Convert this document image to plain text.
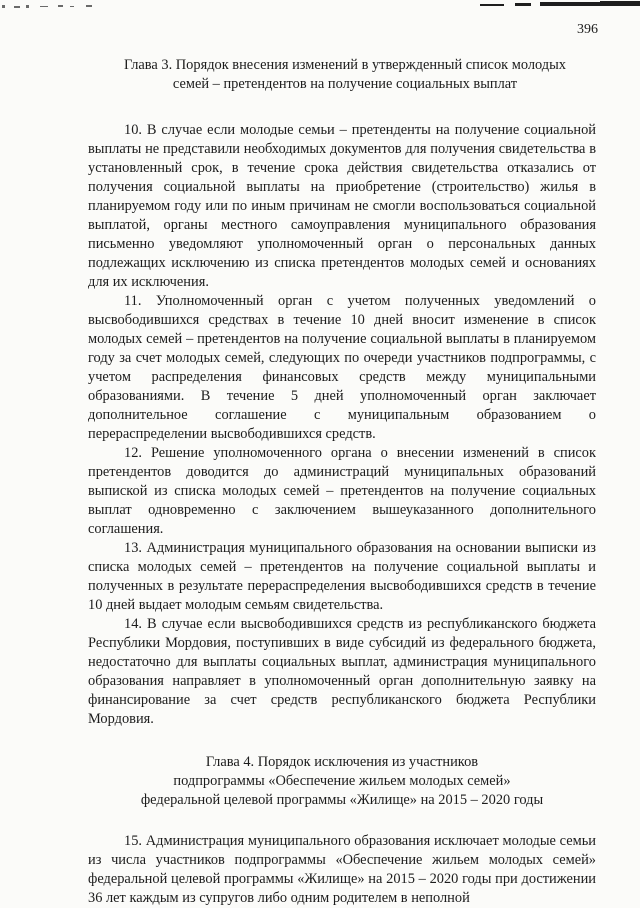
396
Глава 3. Порядок внесения изменений в утвержденный список молодых
семей – претендентов на получение социальных выплат

10. В случае если молодые семьи – претенденты на получение социальной выплаты не представили необходимых документов для получения свидетельства в установленный срок, в течение срока действия свидетельства отказались от получения социальной выплаты на приобретение (строительство) жилья в планируемом году или по иным причинам не смогли воспользоваться социальной выплатой, органы местного самоуправления муниципального образования письменно уведомляют уполномоченный орган о персональных данных подлежащих исключению из списка претендентов молодых семей и основаниях для их исключения.

11. Уполномоченный орган с учетом полученных уведомлений о высвободившихся средствах в течение 10 дней вносит изменение в список молодых семей – претендентов на получение социальной выплаты в планируемом году за счет молодых семей, следующих по очереди участников подпрограммы, с учетом распределения финансовых средств между муниципальными образованиями. В течение 5 дней уполномоченный орган заключает дополнительное соглашение с муниципальным образованием о перераспределении высвободившихся средств.

12. Решение уполномоченного органа о внесении изменений в список претендентов доводится до администраций муниципальных образований выпиской из списка молодых семей – претендентов на получение социальных выплат одновременно с заключением вышеуказанного дополнительного соглашения.

13. Администрация муниципального образования на основании выписки из списка молодых семей – претендентов на получение социальной выплаты и полученных в результате перераспределения высвободившихся средств в течение 10 дней выдает молодым семьям свидетельства.

14. В случае если высвободившихся средств из республиканского бюджета Республики Мордовия, поступивших в виде субсидий из федерального бюджета, недостаточно для выплаты социальных выплат, администрация муниципального образования направляет в уполномоченный орган дополнительную заявку на финансирование за счет средств республиканского бюджета Республики Мордовия.

Глава 4. Порядок исключения из участников
подпрограммы «Обеспечение жильем молодых семей»
федеральной целевой программы «Жилище» на 2015 – 2020 годы

15. Администрация муниципального образования исключает молодые семьи из числа участников подпрограммы «Обеспечение жильем молодых семей» федеральной целевой программы «Жилище» на 2015 – 2020 годы при достижении 36 лет каждым из супругов либо одним родителем в неполной
